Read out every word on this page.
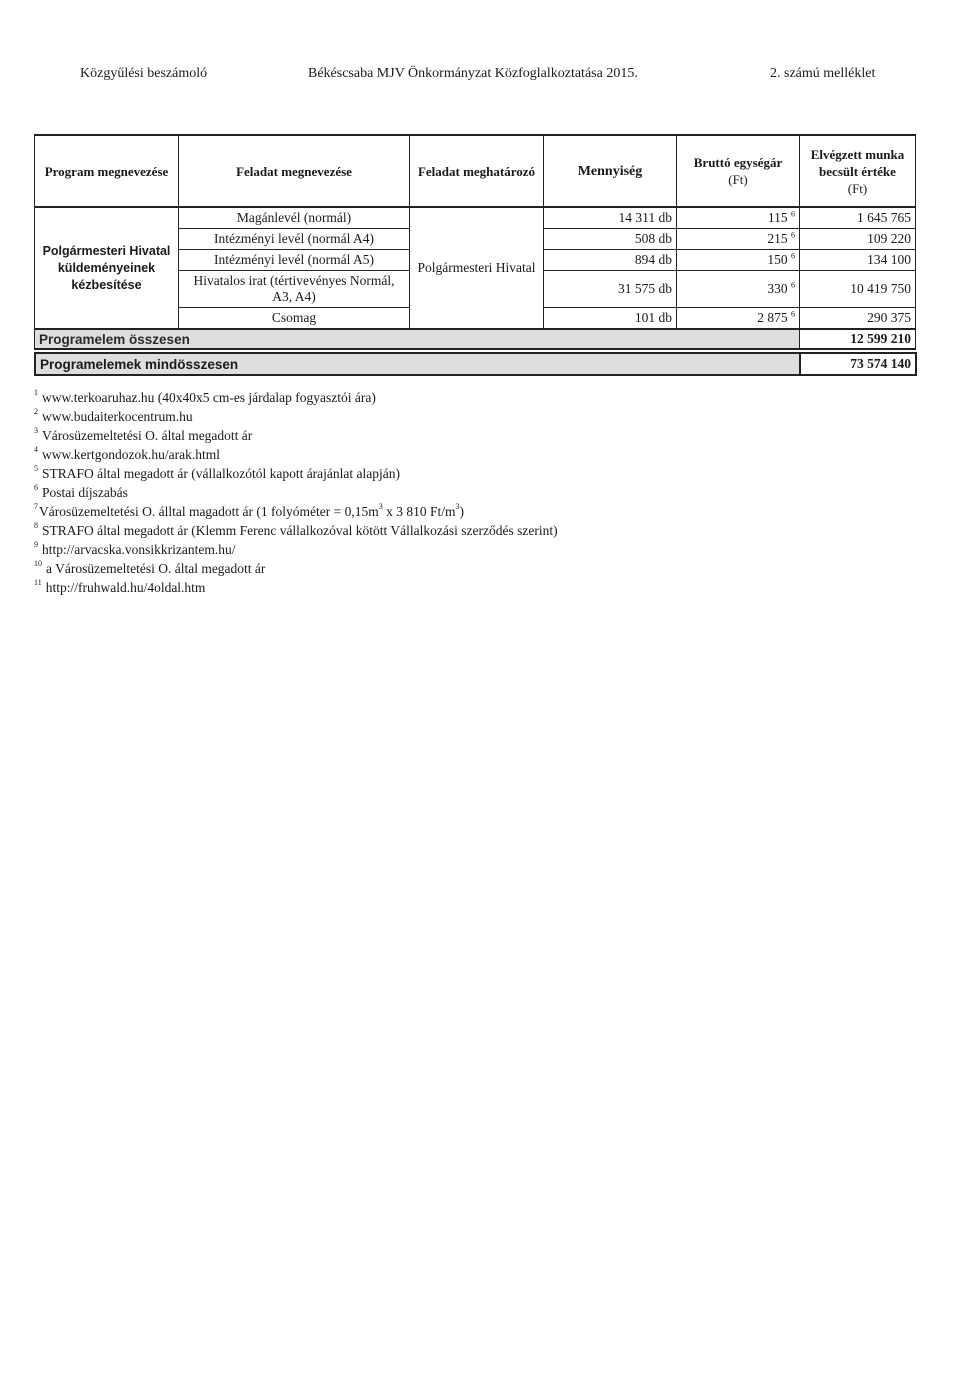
Közgyűlési beszámoló	Békéscsaba MJV Önkormányzat Közfoglalkoztatása 2015.	2. számú melléklet
Program megnevezése	Feladat megnevezése	Feladat meghatározó	Mennyiség	Bruttó egységár
(Ft)	Elvégzett munka
becsült értéke
(Ft)
Polgármesteri Hivatal
küldeményeinek
kézbesítése	Magánlevél (normál)	Polgármesteri Hivatal	14 311 db	115 $^6$	1 645 765
	Intézményi levél (normál A4)		508 db	215 $^6$	109 220
	Intézményi levél (normál A5)		894 db	150 $^6$	134 100
	Hivatalos irat (tértivevényes Normál,
A3, A4)		31 575 db	330 $^6$	10 419 750
	Csomag		101 db	2 875 $^6$	290 375
Programelem összesen					12 599 210
Programelemek mindösszesen	73 574 140
$^1$ www.terkoaruhaz.hu (40x40x5 cm-es járdalap fogyasztói ára)
$^2$ www.budaiterkocentrum.hu
$^3$ Városüzemeltetési O. által megadott ár
$^4$ www.kertgondozok.hu/arak.html
$^5$ STRAFO által megadott ár (vállalkozótól kapott árajánlat alapján)
$^6$ Postai díjszabás
$^7$Városüzemeltetési O. álltal magadott ár (1 folyóméter = $0,15m^3$ x 3 810 $Ft/m^3$)
$^8$ STRAFO által megadott ár (Klemm Ferenc vállalkozóval kötött Vállalkozási szerződés szerint)
$^9$ http://arvacska.vonsikkrizantem.hu/
$^{10}$ a Városüzemeltetési O. által megadott ár
$^{11}$ http://fruhwald.hu/4oldal.htm
